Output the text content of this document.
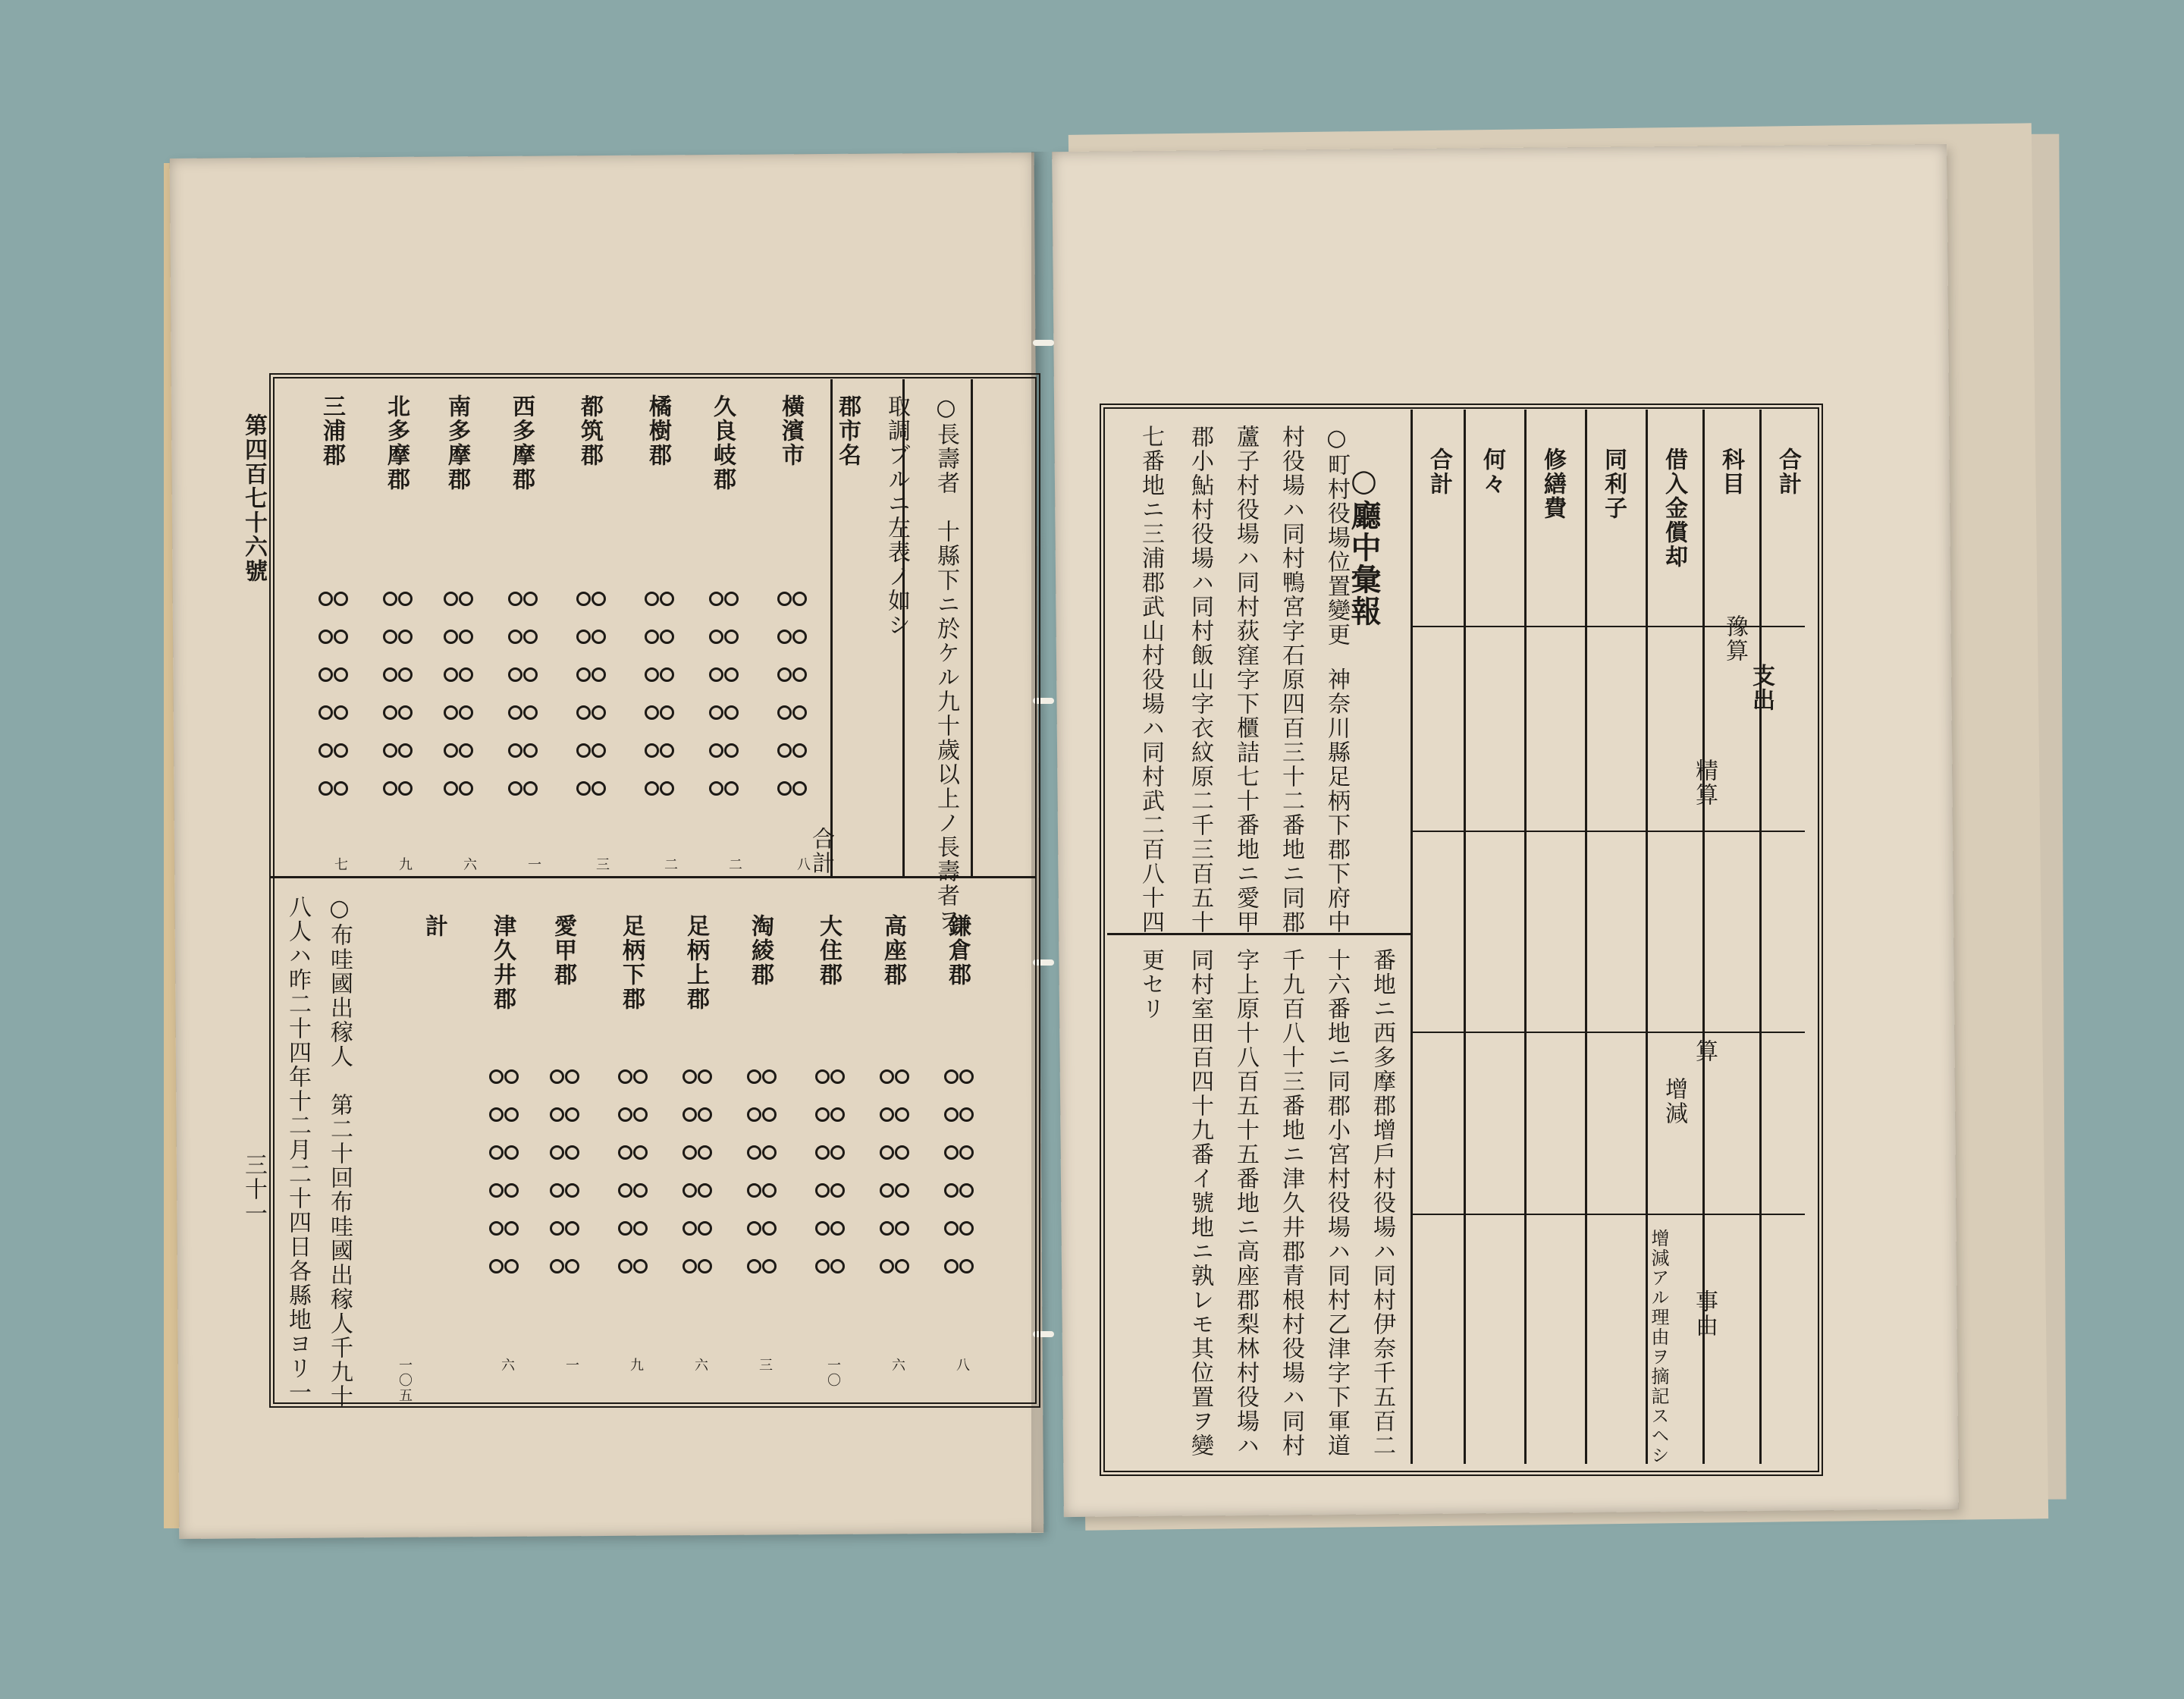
第四百七十六號
三十一
○長壽者　十縣下ニ於ケル九十歲以上ノ長壽者ヲ
取調ブルニ左表ノ如シ
郡市名
合計
橫濱市
久良岐郡
橘樹郡
都筑郡
西多摩郡
南多摩郡
北多摩郡
三浦郡
八
二
二
三
一
六
九
七
鎌倉郡
高座郡
大住郡
淘綾郡
足柄上郡
足柄下郡
愛甲郡
津久井郡
計
八
六
一〇
三
六
九
一
六
一〇五
○布哇國出稼人　第二十回布哇國出稼人千九十
八人ハ昨二十四年十二月二十四日各縣地ヨリ一
合計
科目
支出
借入金償却
同利子
修繕費
何々
合計
豫算
精算
算
增減
事由
增減アル理由ヲ摘記スヘシ
○廳中彙報
○町村役場位置變更
神奈川縣足柄下郡下府中
村役場ハ同村鴨宮字石原四百三十二番地ニ同郡
蘆子村役場ハ同村荻窪字下櫃詰七十番地ニ愛甲
郡小鮎村役場ハ同村飯山字衣紋原二千三百五十
七番地ニ三浦郡武山村役場ハ同村武二百八十四
番地ニ西多摩郡增戶村役場ハ同村伊奈千五百二
十六番地ニ同郡小宮村役場ハ同村乙津字下軍道
千九百八十三番地ニ津久井郡青根村役場ハ同村
字上原十八百五十五番地ニ高座郡梨林村役場ハ
同村室田百四十九番イ號地ニ孰レモ其位置ヲ變
更セリ
